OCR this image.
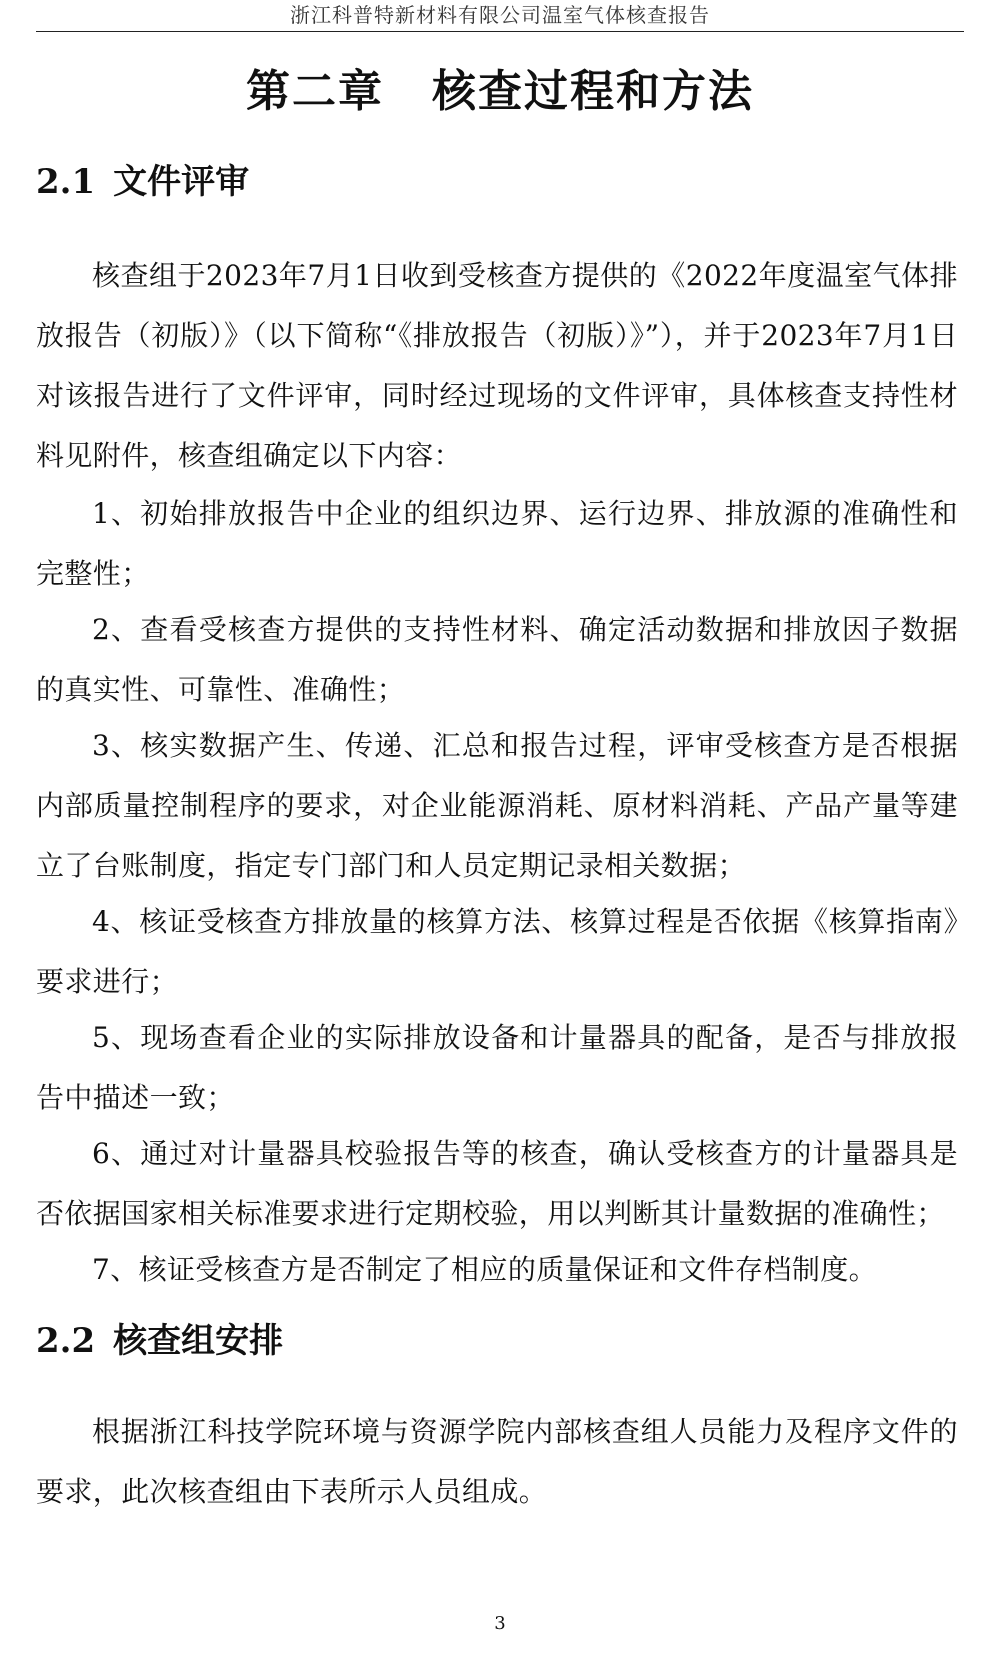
浙江科普特新材料有限公司温室气体核查报告
第二章 核查过程和方法
2.1 文件评审

核查组于2023年7月1日收到受核查方提供的《2022年度温室气体排放报告（初版）》（以下简称“《排放报告（初版）》”），并于2023年7月1日对该报告进行了文件评审，同时经过现场的文件评审，具体核查支持性材料见附件，核查组确定以下内容：

1、初始排放报告中企业的组织边界、运行边界、排放源的准确性和完整性；

2、查看受核查方提供的支持性材料、确定活动数据和排放因子数据的真实性、可靠性、准确性；

3、核实数据产生、传递、汇总和报告过程，评审受核查方是否根据内部质量控制程序的要求，对企业能源消耗、原材料消耗、产品产量等建立了台账制度，指定专门部门和人员定期记录相关数据；

4、核证受核查方排放量的核算方法、核算过程是否依据《核算指南》要求进行；

5、现场查看企业的实际排放设备和计量器具的配备，是否与排放报告中描述一致；

6、通过对计量器具校验报告等的核查，确认受核查方的计量器具是否依据国家相关标准要求进行定期校验，用以判断其计量数据的准确性；

7、核证受核查方是否制定了相应的质量保证和文件存档制度。

2.2 核查组安排

根据浙江科技学院环境与资源学院内部核查组人员能力及程序文件的要求，此次核查组由下表所示人员组成。

3
